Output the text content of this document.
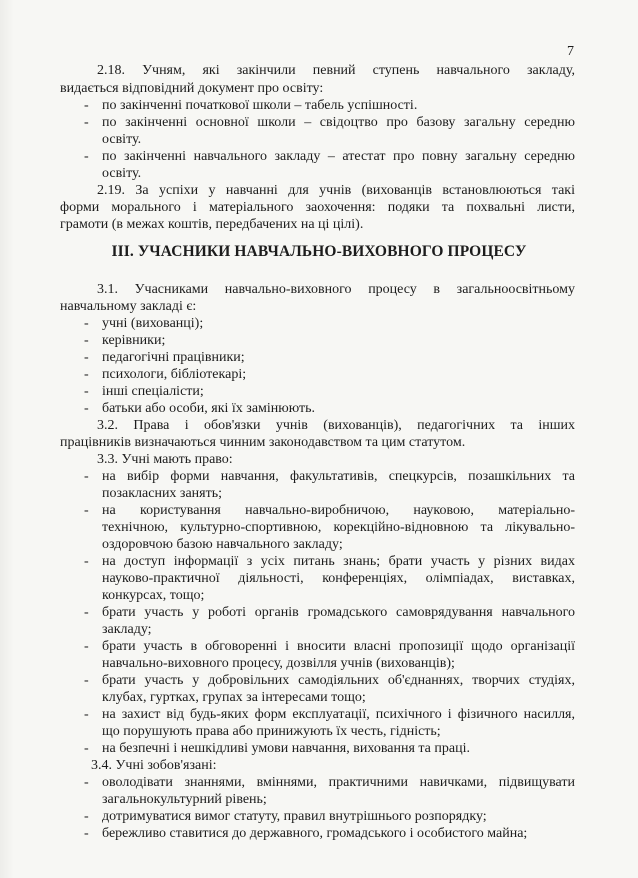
7
2.18. Учням, які закінчили певний ступень навчального закладу,
видається відповідний документ про освіту:
- по закінченні початкової школи – табель успішності.
- по закінченні основної школи – свідоцтво про базову загальну середню
освіту.
- по закінченні навчального закладу – атестат про повну загальну середню
освіту.
2.19. За успіхи у навчанні для учнів (вихованців встановлюються такі
форми морального і матеріального заохочення: подяки та похвальні листи,
грамоти (в межах коштів, передбачених на ці цілі).
ІІІ. УЧАСНИКИ НАВЧАЛЬНО-ВИХОВНОГО ПРОЦЕСУ
3.1. Учасниками навчально-виховного процесу в загальноосвітньому
навчальному закладі є:
- учні (вихованці);
- керівники;
- педагогічні працівники;
- психологи, бібліотекарі;
- інші спеціалісти;
- батьки або особи, які їх замінюють.
3.2. Права і обов'язки учнів (вихованців), педагогічних та інших
працівників визначаються чинним законодавством та цим статутом.
3.3. Учні мають право:
- на вибір форми навчання, факультативів, спецкурсів, позашкільних та
позакласних занять;
- на користування навчально-виробничою, науковою, матеріально-
технічною, культурно-спортивною, корекційно-відновною та лікувально-
оздоровчою базою навчального закладу;
- на доступ інформації з усіх питань знань; брати участь у різних видах
науково-практичної діяльності, конференціях, олімпіадах, виставках,
конкурсах, тощо;
- брати участь у роботі органів громадського самоврядування навчального
закладу;
- брати участь в обговоренні і вносити власні пропозиції щодо організації
навчально-виховного процесу, дозвілля учнів (вихованців);
- брати участь у добровільних самодіяльних об'єднаннях, творчих студіях,
клубах, гуртках, групах за інтересами тощо;
- на захист від будь-яких форм експлуатації, психічного і фізичного насилля,
що порушують права або принижують їх честь, гідність;
- на безпечні і нешкідливі умови навчання, виховання та праці.
3.4. Учні зобов'язані:
- оволодівати знаннями, вміннями, практичними навичками, підвищувати
загальнокультурний рівень;
- дотримуватися вимог статуту, правил внутрішнього розпорядку;
- бережливо ставитися до державного, громадського і особистого майна;
